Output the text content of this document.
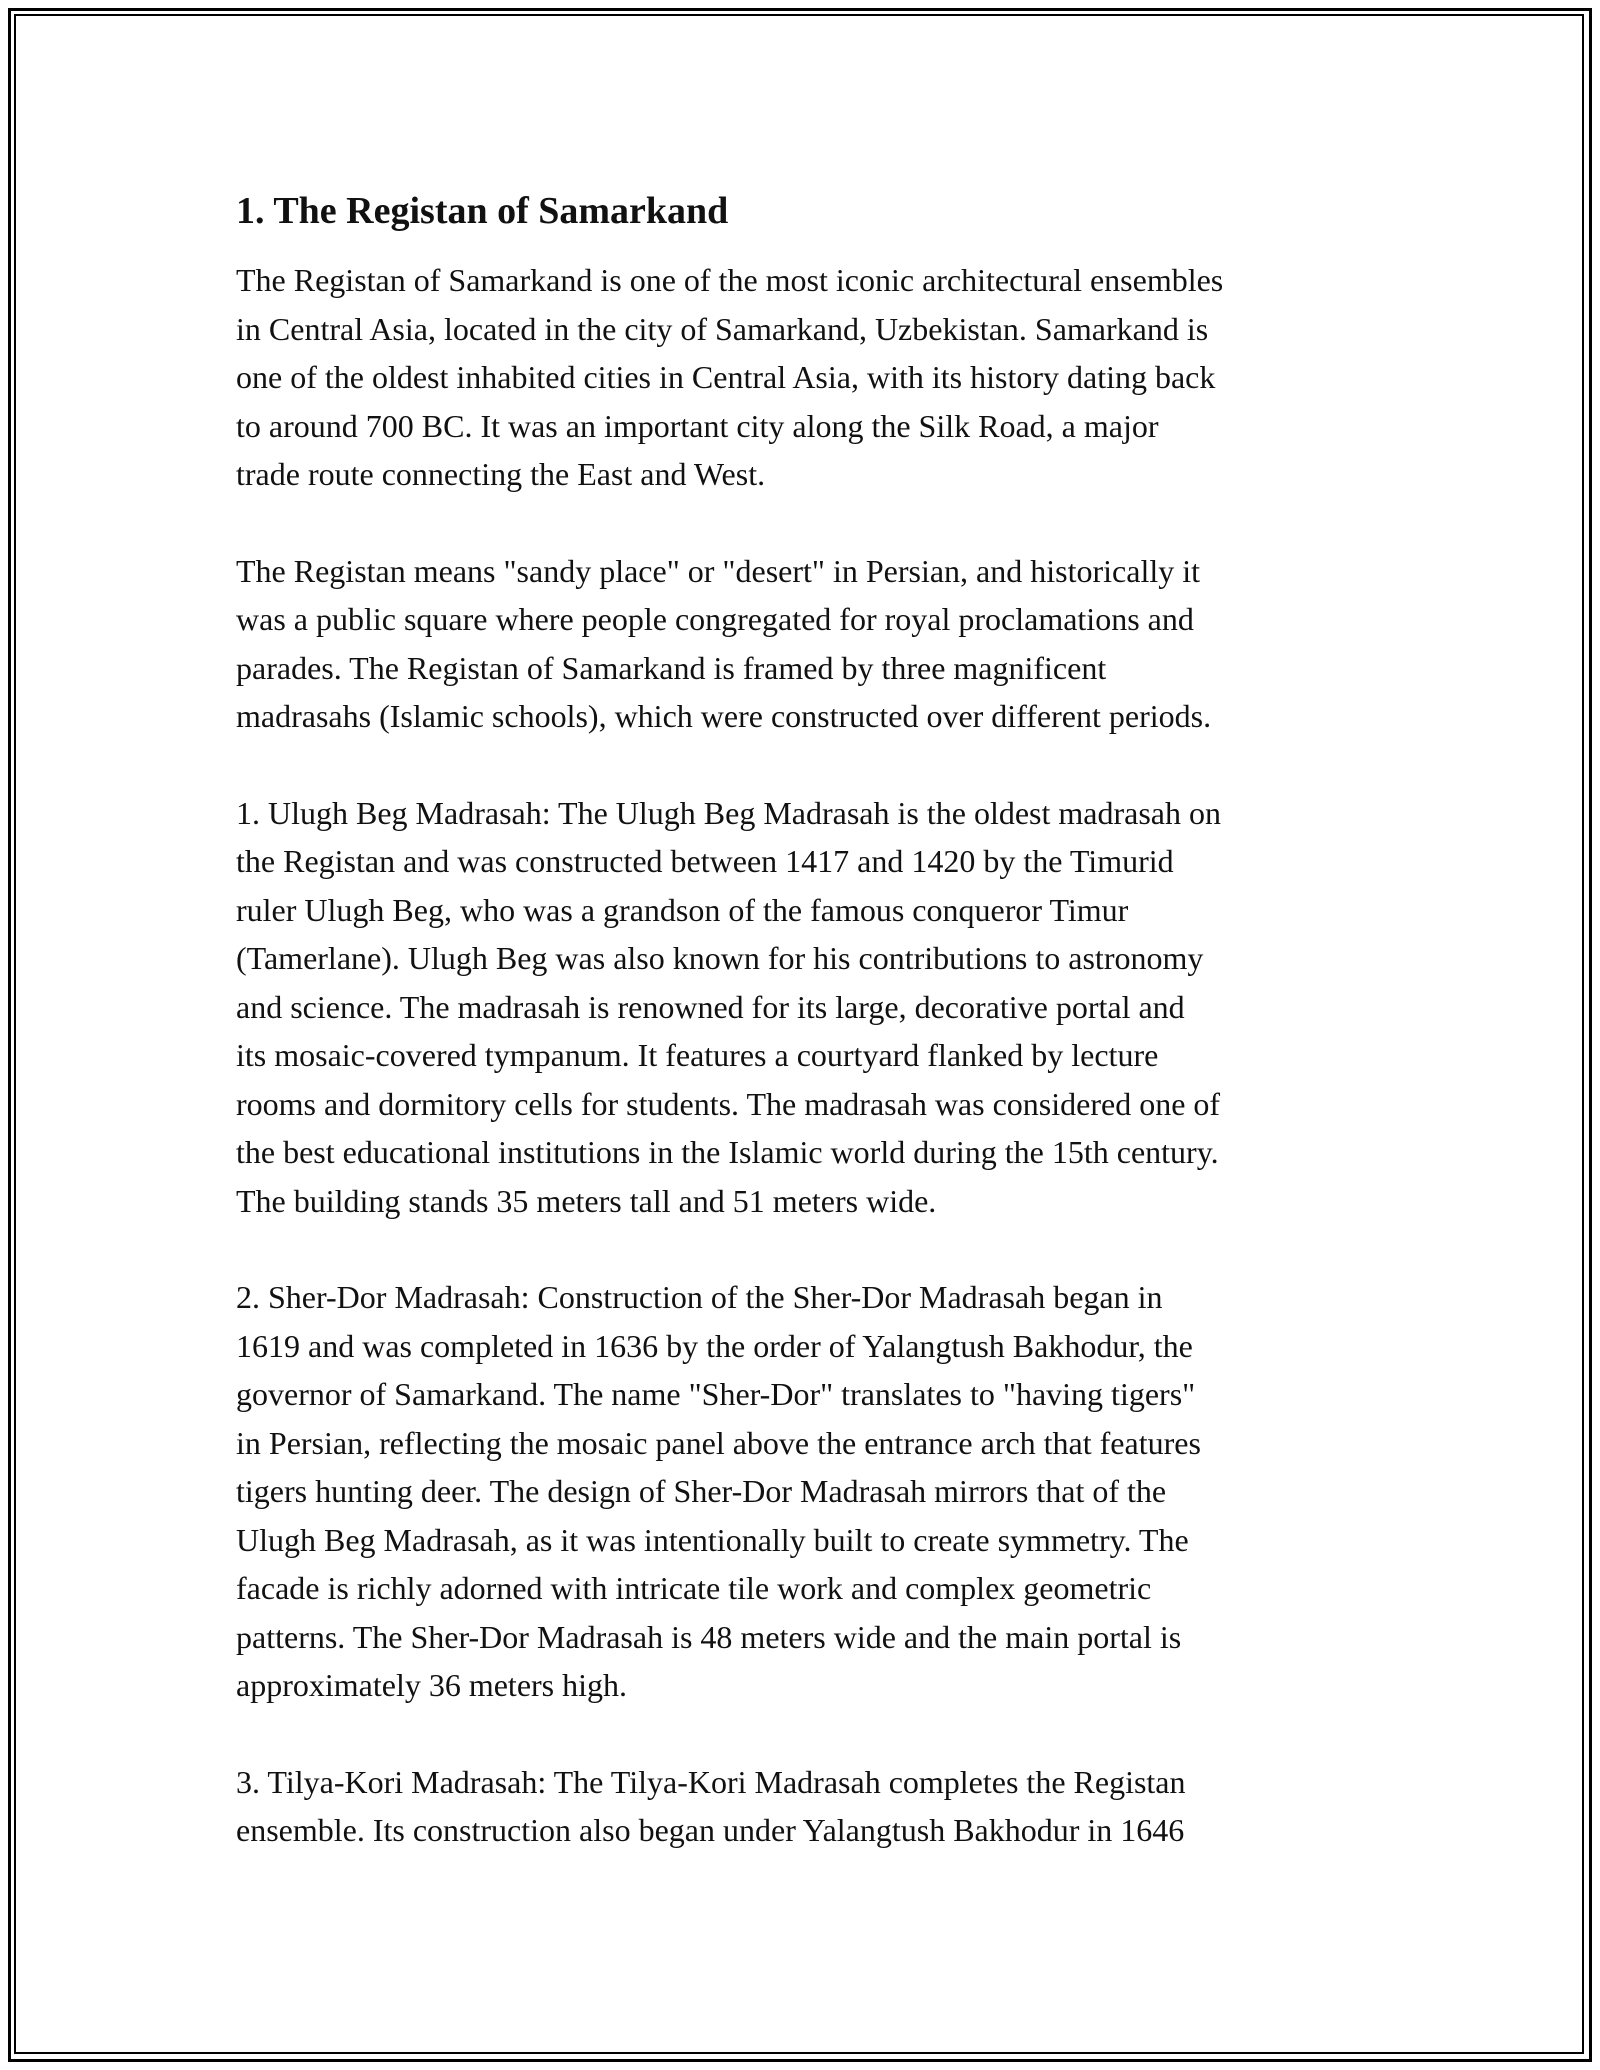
1. The Registan of Samarkand

The Registan of Samarkand is one of the most iconic architectural ensembles
in Central Asia, located in the city of Samarkand, Uzbekistan. Samarkand is
one of the oldest inhabited cities in Central Asia, with its history dating back
to around 700 BC. It was an important city along the Silk Road, a major
trade route connecting the East and West.

The Registan means "sandy place" or "desert" in Persian, and historically it
was a public square where people congregated for royal proclamations and
parades. The Registan of Samarkand is framed by three magnificent
madrasahs (Islamic schools), which were constructed over different periods.

1. Ulugh Beg Madrasah: The Ulugh Beg Madrasah is the oldest madrasah on
the Registan and was constructed between 1417 and 1420 by the Timurid
ruler Ulugh Beg, who was a grandson of the famous conqueror Timur
(Tamerlane). Ulugh Beg was also known for his contributions to astronomy
and science. The madrasah is renowned for its large, decorative portal and
its mosaic-covered tympanum. It features a courtyard flanked by lecture
rooms and dormitory cells for students. The madrasah was considered one of
the best educational institutions in the Islamic world during the 15th century.
The building stands 35 meters tall and 51 meters wide.

2. Sher-Dor Madrasah: Construction of the Sher-Dor Madrasah began in
1619 and was completed in 1636 by the order of Yalangtush Bakhodur, the
governor of Samarkand. The name "Sher-Dor" translates to "having tigers"
in Persian, reflecting the mosaic panel above the entrance arch that features
tigers hunting deer. The design of Sher-Dor Madrasah mirrors that of the
Ulugh Beg Madrasah, as it was intentionally built to create symmetry. The
facade is richly adorned with intricate tile work and complex geometric
patterns. The Sher-Dor Madrasah is 48 meters wide and the main portal is
approximately 36 meters high.

3. Tilya-Kori Madrasah: The Tilya-Kori Madrasah completes the Registan
ensemble. Its construction also began under Yalangtush Bakhodur in 1646
